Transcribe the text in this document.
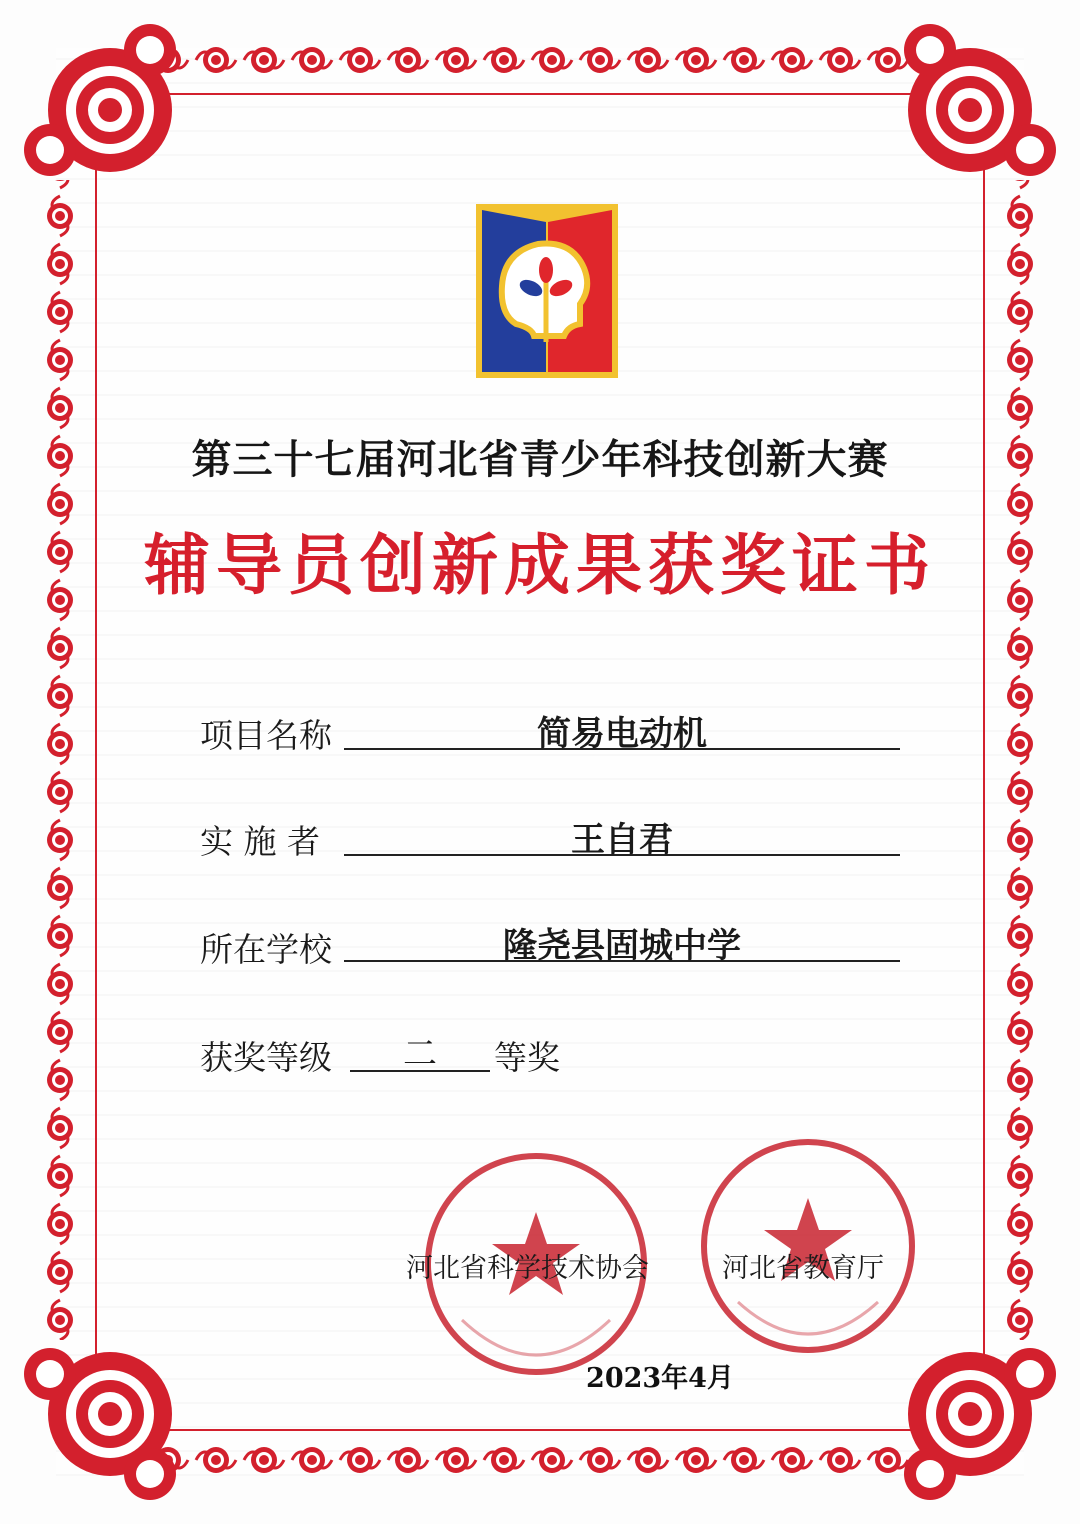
第三十七届河北省青少年科技创新大赛
辅导员创新成果获奖证书
项目名称	简易电动机
实 施 者	王自君
所在学校	隆尧县固城中学
获奖等级	二	等奖
河北省科学技术协会	河北省教育厅
2023年4月
